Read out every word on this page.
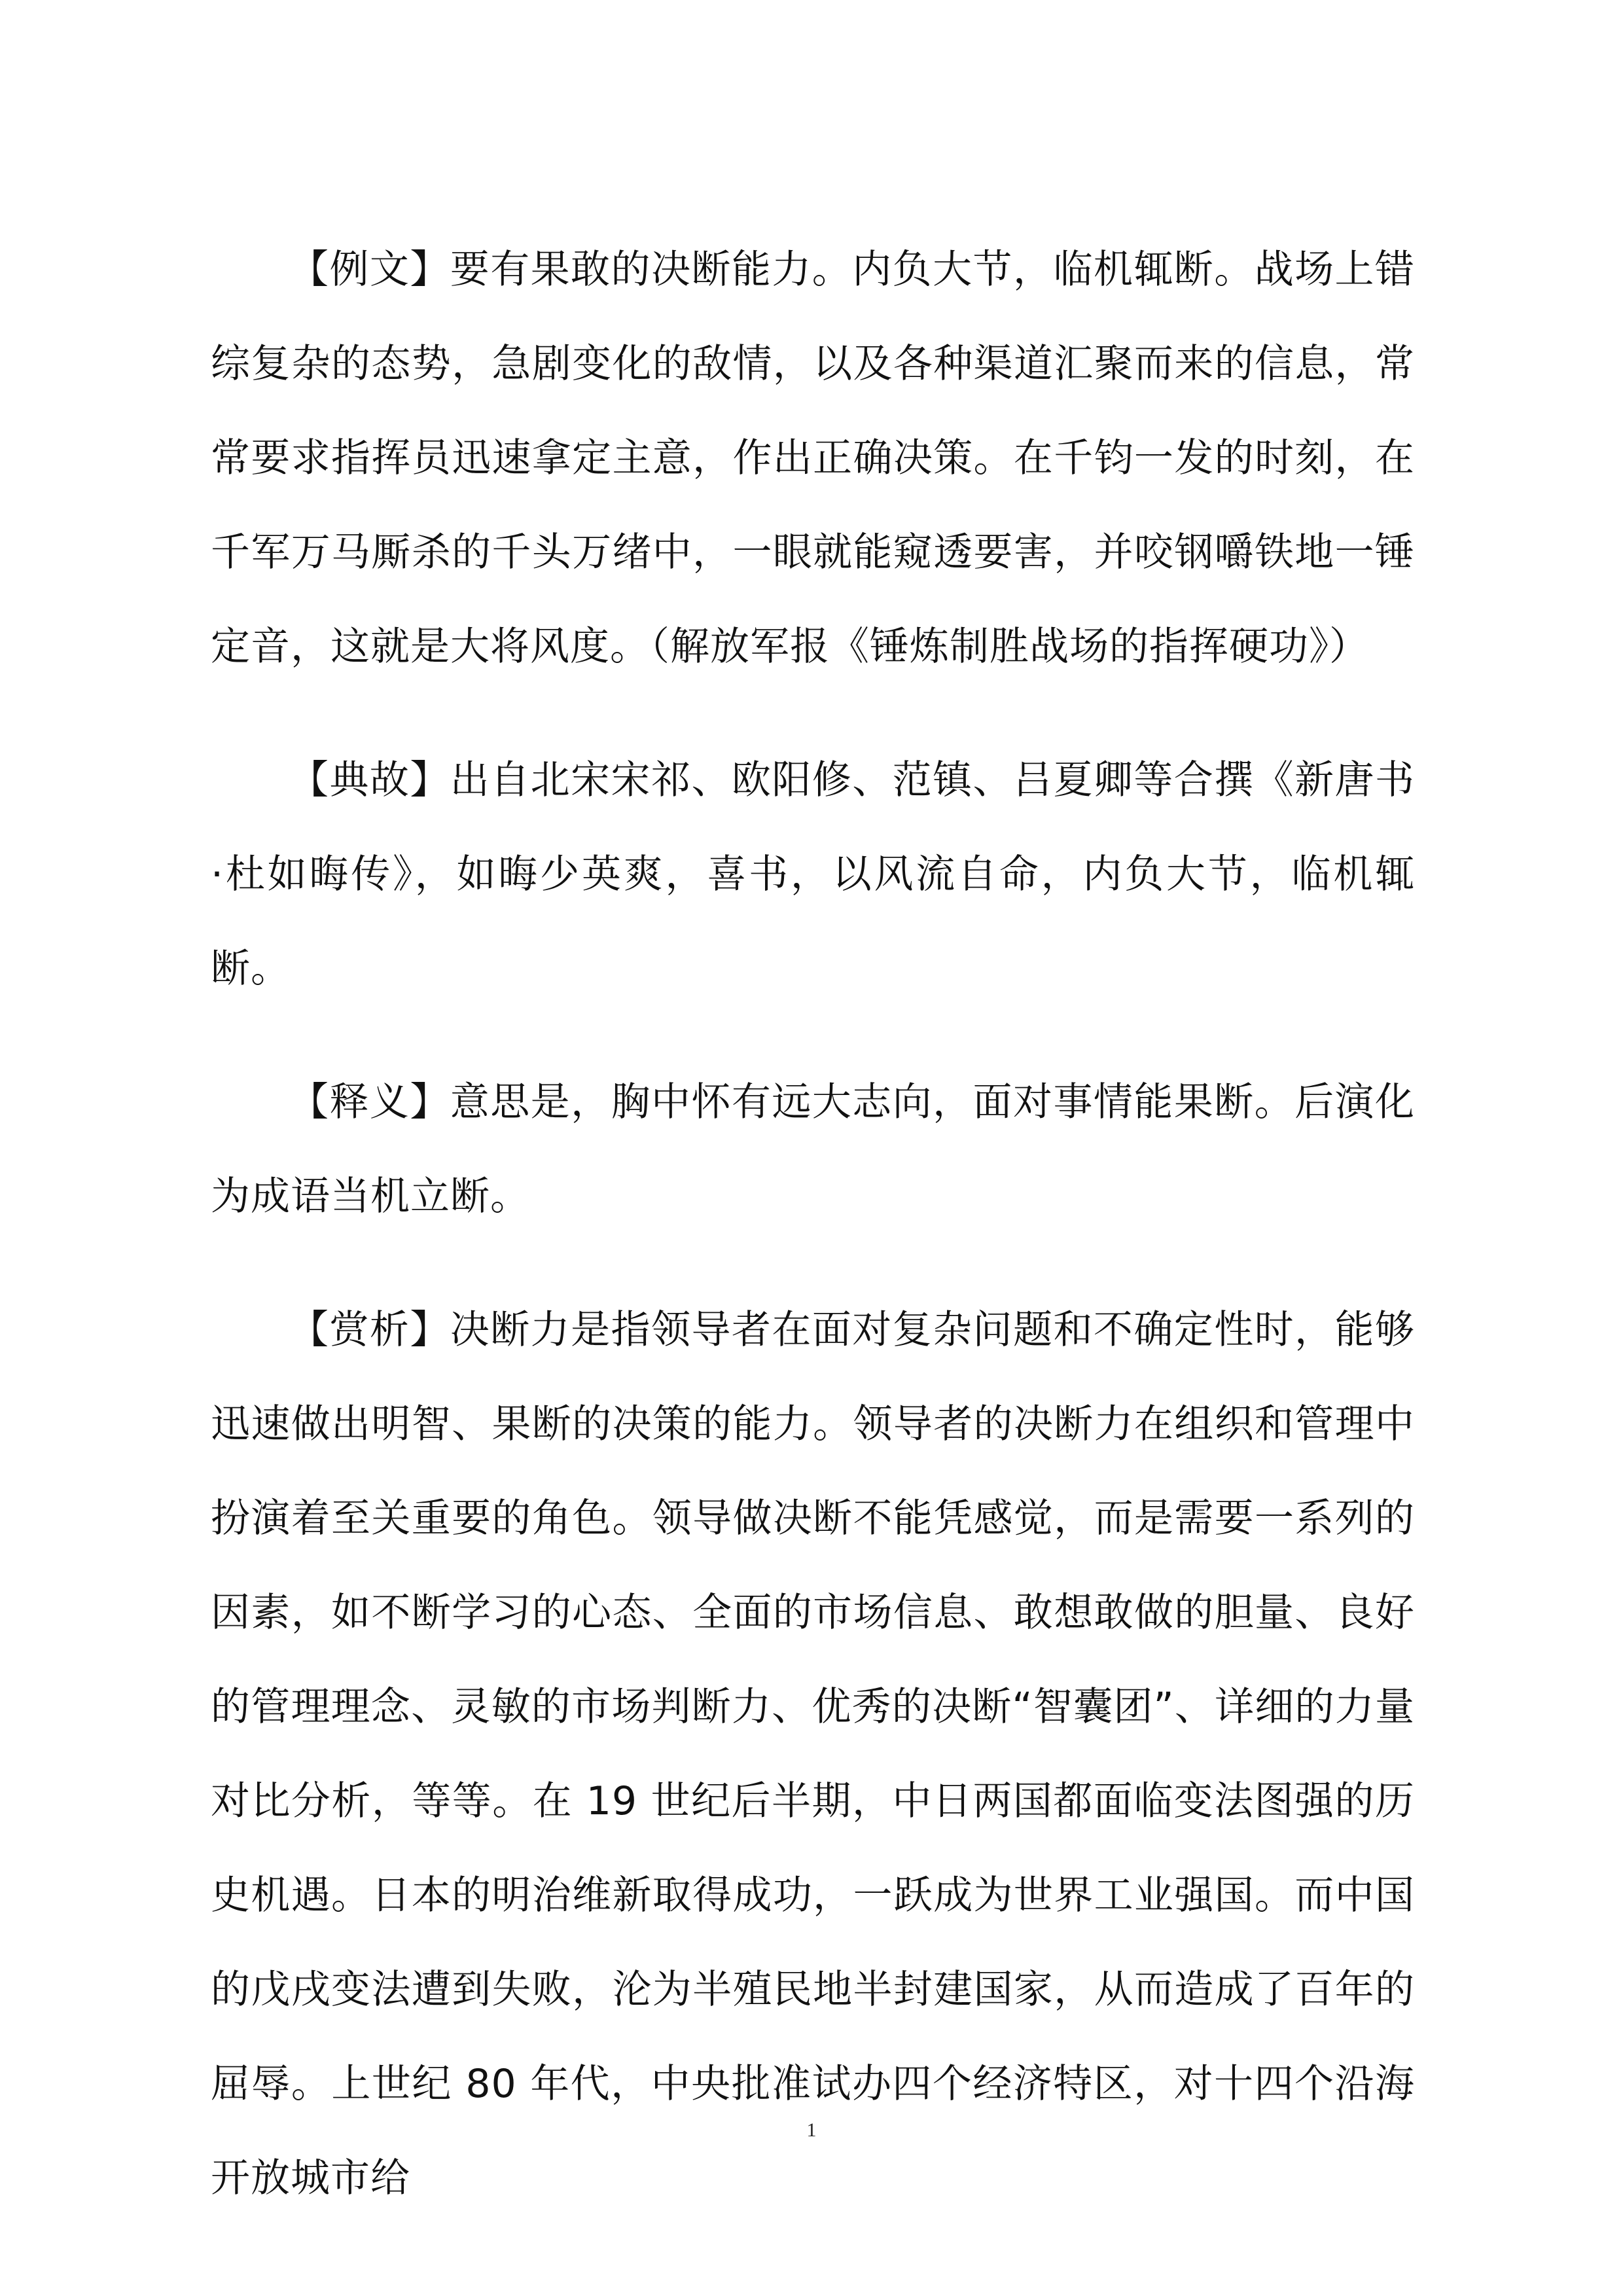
【例文】要有果敢的决断能力。内负大节，临机辄断。战场上错综复杂的态势，急剧变化的敌情，以及各种渠道汇聚而来的信息，常常要求指挥员迅速拿定主意，作出正确决策。在千钧一发的时刻，在千军万马厮杀的千头万绪中，一眼就能窥透要害，并咬钢嚼铁地一锤定音，这就是大将风度。（解放军报《锤炼制胜战场的指挥硬功》）

【典故】出自北宋宋祁、欧阳修、范镇、吕夏卿等合撰《新唐书·杜如晦传》，如晦少英爽，喜书，以风流自命，内负大节，临机辄断。

【释义】意思是，胸中怀有远大志向，面对事情能果断。后演化为成语当机立断。

【赏析】决断力是指领导者在面对复杂问题和不确定性时，能够迅速做出明智、果断的决策的能力。领导者的决断力在组织和管理中扮演着至关重要的角色。领导做决断不能凭感觉，而是需要一系列的因素，如不断学习的心态、全面的市场信息、敢想敢做的胆量、良好的管理理念、灵敏的市场判断力、优秀的决断“智囊团”、详细的力量对比分析，等等。在 19 世纪后半期，中日两国都面临变法图强的历史机遇。日本的明治维新取得成功，一跃成为世界工业强国。而中国的戊戌变法遭到失败，沦为半殖民地半封建国家，从而造成了百年的屈辱。上世纪 80 年代，中央批准试办四个经济特区，对十四个沿海开放城市给

1
